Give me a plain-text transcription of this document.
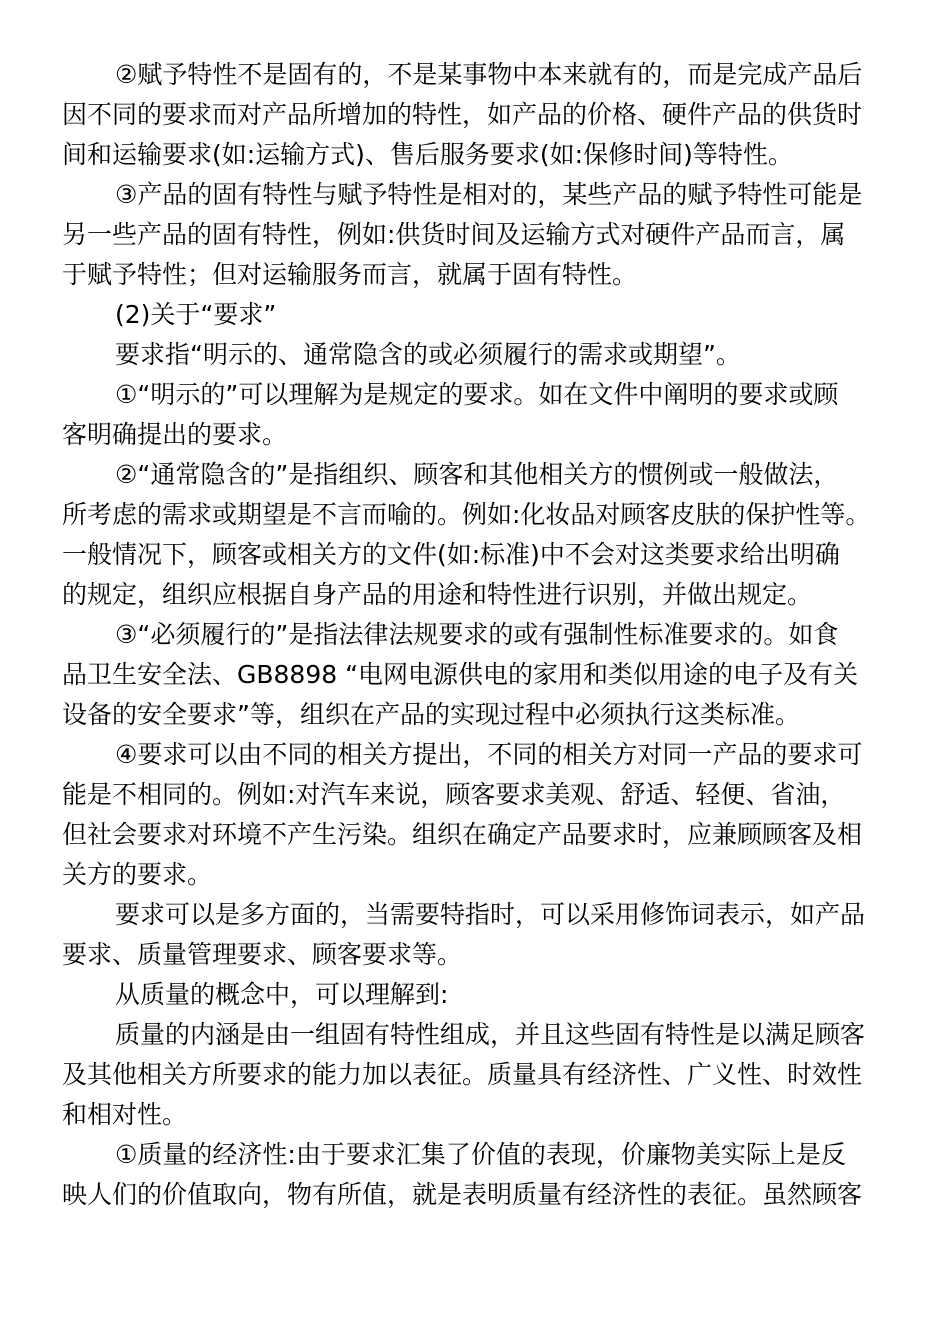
②赋予特性不是固有的，不是某事物中本来就有的，而是完成产品后
因不同的要求而对产品所增加的特性，如产品的价格、硬件产品的供货时
间和运输要求(如:运输方式)、售后服务要求(如:保修时间)等特性。
③产品的固有特性与赋予特性是相对的，某些产品的赋予特性可能是
另一些产品的固有特性，例如:供货时间及运输方式对硬件产品而言，属
于赋予特性；但对运输服务而言，就属于固有特性。
(2)关于“要求”
要求指“明示的、通常隐含的或必须履行的需求或期望”。
①“明示的”可以理解为是规定的要求。如在文件中阐明的要求或顾
客明确提出的要求。
②“通常隐含的”是指组织、顾客和其他相关方的惯例或一般做法，
所考虑的需求或期望是不言而喻的。例如:化妆品对顾客皮肤的保护性等。
一般情况下，顾客或相关方的文件(如:标准)中不会对这类要求给出明确
的规定，组织应根据自身产品的用途和特性进行识别，并做出规定。
③“必须履行的”是指法律法规要求的或有强制性标准要求的。如食
品卫生安全法、GB8898 “电网电源供电的家用和类似用途的电子及有关
设备的安全要求”等，组织在产品的实现过程中必须执行这类标准。
④要求可以由不同的相关方提出，不同的相关方对同一产品的要求可
能是不相同的。例如:对汽车来说，顾客要求美观、舒适、轻便、省油，
但社会要求对环境不产生污染。组织在确定产品要求时，应兼顾顾客及相
关方的要求。
要求可以是多方面的，当需要特指时，可以采用修饰词表示，如产品
要求、质量管理要求、顾客要求等。
从质量的概念中，可以理解到:
质量的内涵是由一组固有特性组成，并且这些固有特性是以满足顾客
及其他相关方所要求的能力加以表征。质量具有经济性、广义性、时效性
和相对性。
①质量的经济性:由于要求汇集了价值的表现，价廉物美实际上是反
映人们的价值取向，物有所值，就是表明质量有经济性的表征。虽然顾客
